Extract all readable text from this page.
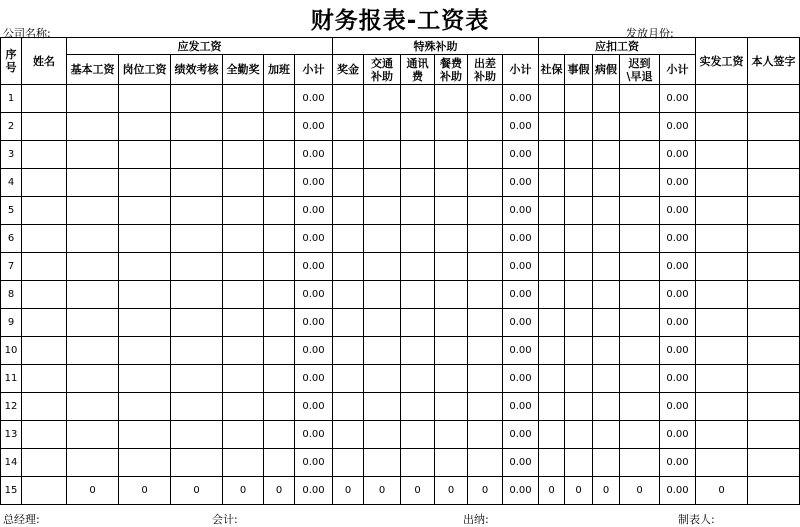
财务报表-工资表
公司名称:	发放月份:
序号	姓名	应发工资						特殊补助						应扣工资					实发工资	本人签字
		基本工资	岗位工资	绩效考核	全勤奖	加班	小计	奖金	交通补助	通讯费	餐费补助	出差补助	小计	社保	事假	病假	迟到\早退	小计		
1							0.00						0.00					0.00		
2							0.00						0.00					0.00		
3							0.00						0.00					0.00		
4							0.00						0.00					0.00		
5							0.00						0.00					0.00		
6							0.00						0.00					0.00		
7							0.00						0.00					0.00		
8							0.00						0.00					0.00		
9							0.00						0.00					0.00		
10							0.00						0.00					0.00		
11							0.00						0.00					0.00		
12							0.00						0.00					0.00		
13							0.00						0.00					0.00		
14							0.00						0.00					0.00		
15		0	0	0	0	0	0.00	0	0	0	0	0	0.00	0	0	0	0	0.00	0	
总经理:	会计:	出纳:	制表人:
